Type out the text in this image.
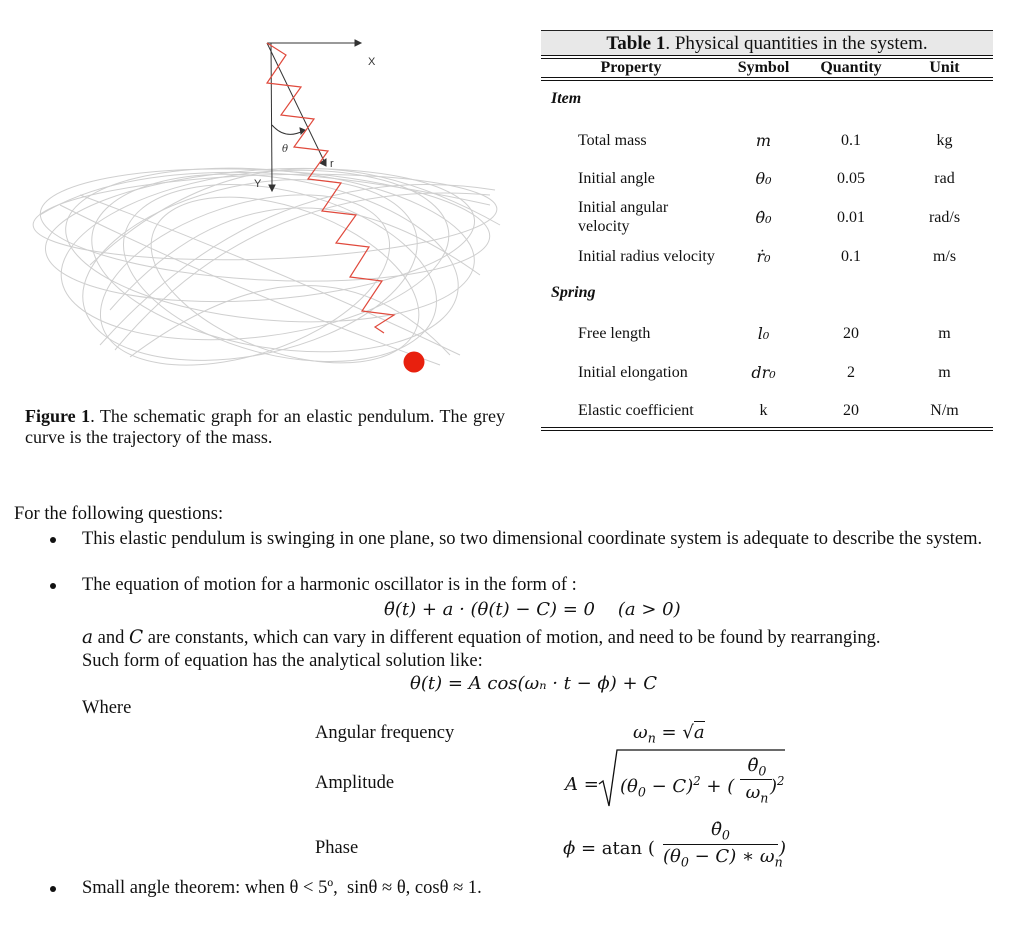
X
Y
θ
r
Figure 1. The schematic graph for an elastic pendulum. The grey curve is the trajectory of the mass.
Table 1. Physical quantities in the system.
Property	Symbol	Quantity	Unit
Item
Total mass	m	0.1	kg
Initial angle	θ₀	0.05	rad
Initial angular velocity	θ̇₀	0.01	rad/s
Initial radius velocity	ṙ₀	0.1	m/s
Spring
Free length	l₀	20	m
Initial elongation	dr₀	2	m
Elastic coefficient	k	20	N/m
For the following questions:
This elastic pendulum is swinging in one plane, so two dimensional coordinate system is adequate to describe the system.
The equation of motion for a harmonic oscillator is in the form of :
θ̈(t) + a · (θ(t) − C) = 0    (a > 0)
a and C are constants, which can vary in different equation of motion, and need to be found by rearranging.
Such form of equation has the analytical solution like:
θ(t) = A cos(ωₙ · t − ϕ) + C
Where
Angular frequency	$\omega_n = √a$
Amplitude	$A = (\theta_0 - C)^2$ + (
$\thetȧ_0$
$\omega_n$
)$^2$
Phase	ϕ = atan (
$\thetȧ_0$
$(\theta_0 - C)$ ∗ $\omega_n$
)
Small angle theorem: when θ < 5º,  sinθ ≈ θ, cosθ ≈ 1.
